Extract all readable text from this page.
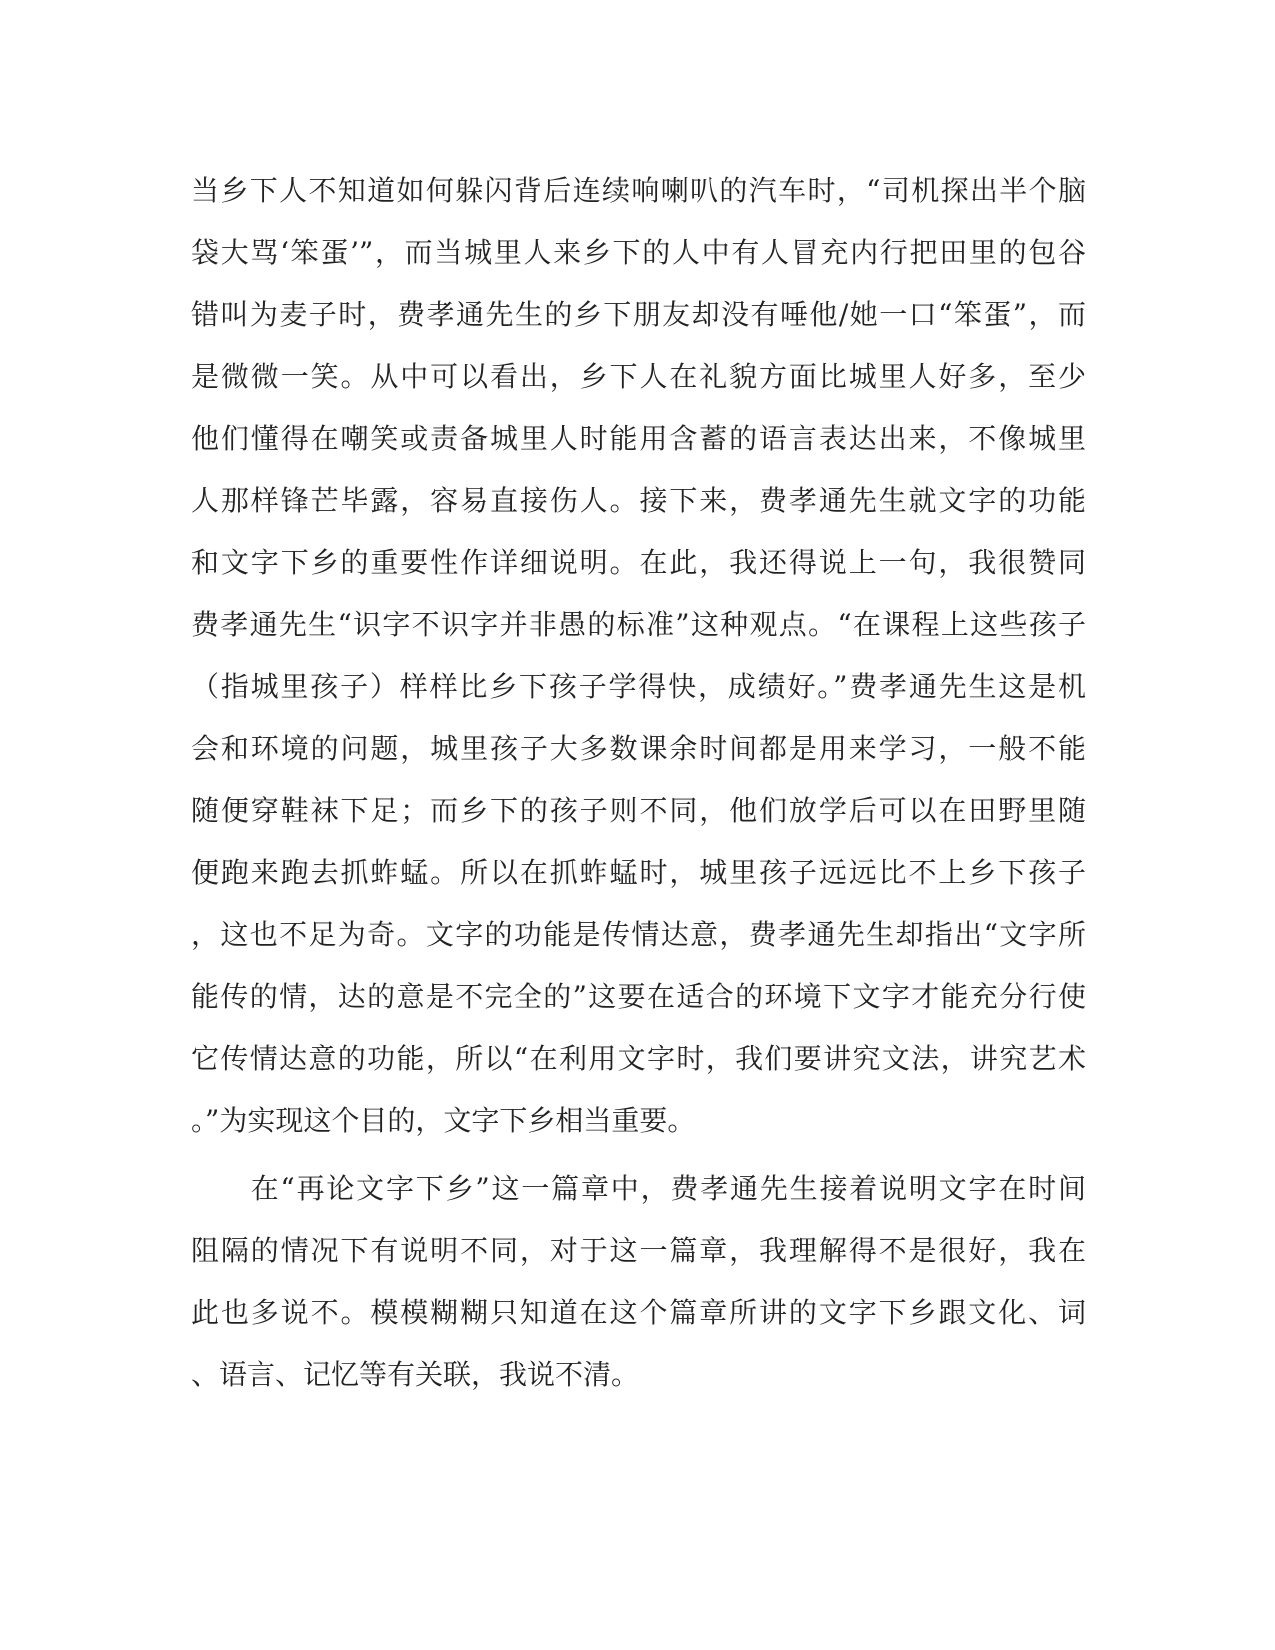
当乡下人不知道如何躲闪背后连续响喇叭的汽车时，“司机探出半个脑
袋大骂‘笨蛋’”，而当城里人来乡下的人中有人冒充内行把田里的包谷
错叫为麦子时，费孝通先生的乡下朋友却没有唾他/她一口“笨蛋”，而
是微微一笑。从中可以看出，乡下人在礼貌方面比城里人好多，至少
他们懂得在嘲笑或责备城里人时能用含蓄的语言表达出来，不像城里
人那样锋芒毕露，容易直接伤人。接下来，费孝通先生就文字的功能
和文字下乡的重要性作详细说明。在此，我还得说上一句，我很赞同
费孝通先生“识字不识字并非愚的标准”这种观点。“在课程上这些孩子
（指城里孩子）样样比乡下孩子学得快，成绩好。”费孝通先生这是机
会和环境的问题，城里孩子大多数课余时间都是用来学习，一般不能
随便穿鞋袜下足；而乡下的孩子则不同，他们放学后可以在田野里随
便跑来跑去抓蚱蜢。所以在抓蚱蜢时，城里孩子远远比不上乡下孩子
，这也不足为奇。文字的功能是传情达意，费孝通先生却指出“文字所
能传的情，达的意是不完全的”这要在适合的环境下文字才能充分行使
它传情达意的功能，所以“在利用文字时，我们要讲究文法，讲究艺术
。”为实现这个目的，文字下乡相当重要。
　　在“再论文字下乡”这一篇章中，费孝通先生接着说明文字在时间
阻隔的情况下有说明不同，对于这一篇章，我理解得不是很好，我在
此也多说不。模模糊糊只知道在这个篇章所讲的文字下乡跟文化、词
、语言、记忆等有关联，我说不清。
